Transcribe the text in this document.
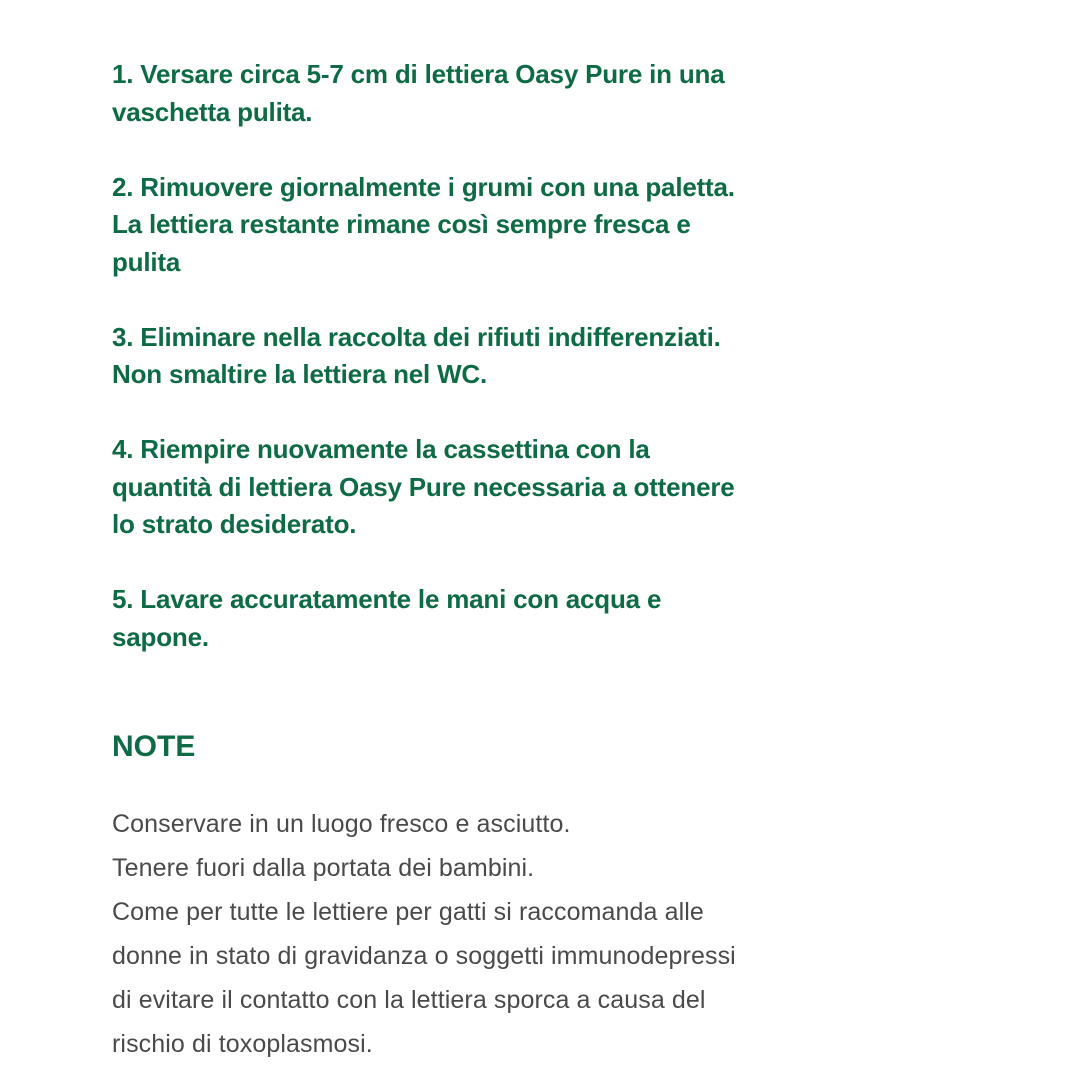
1. Versare circa 5-7 cm di lettiera Oasy Pure in una
vaschetta pulita.
2. Rimuovere giornalmente i grumi con una paletta.
La lettiera restante rimane così sempre fresca e
pulita
3. Eliminare nella raccolta dei rifiuti indifferenziati.
Non smaltire la lettiera nel WC.
4. Riempire nuovamente la cassettina con la
quantità di lettiera Oasy Pure necessaria a ottenere
lo strato desiderato.
5. Lavare accuratamente le mani con acqua e
sapone.
NOTE
Conservare in un luogo fresco e asciutto.
Tenere fuori dalla portata dei bambini.
Come per tutte le lettiere per gatti si raccomanda alle
donne in stato di gravidanza o soggetti immunodepressi
di evitare il contatto con la lettiera sporca a causa del
rischio di toxoplasmosi.
